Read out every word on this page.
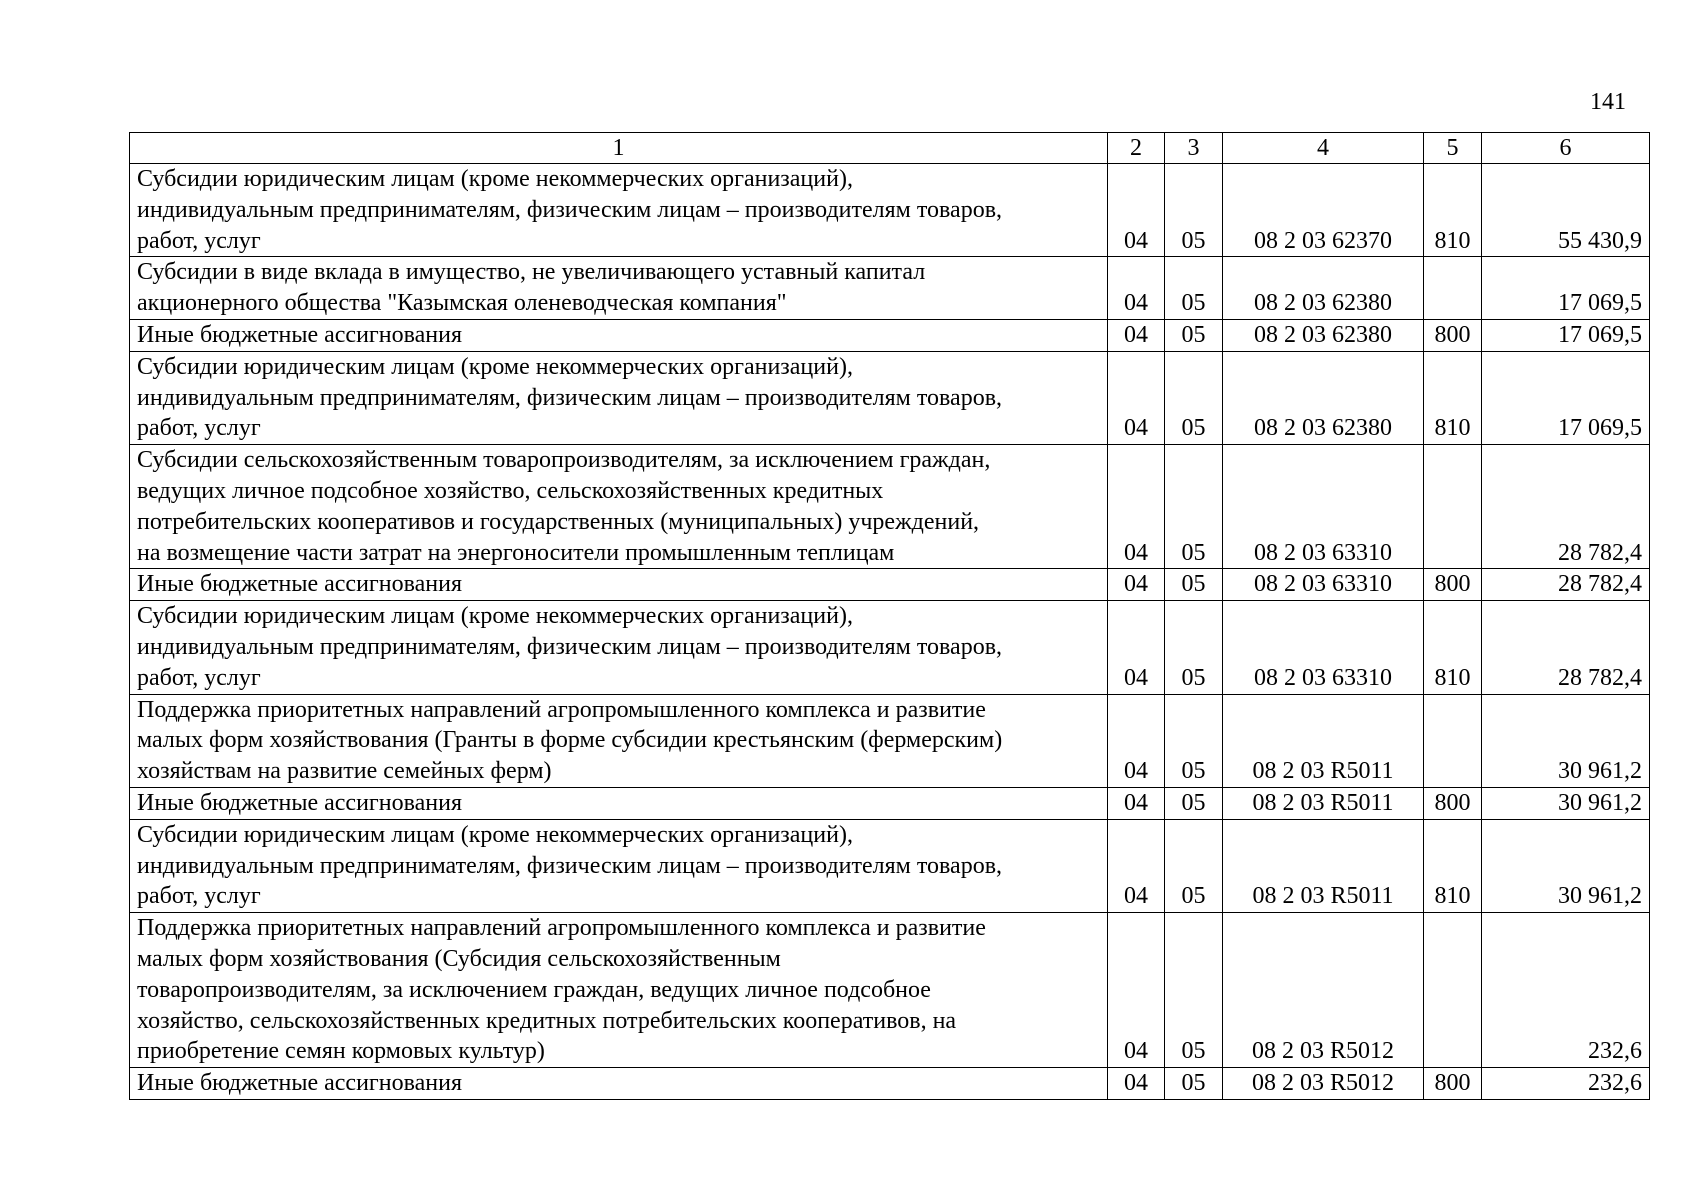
141
1	2	3	4	5	6

Субсидии юридическим лицам (кроме некоммерческих организаций),
индивидуальным предпринимателям, физическим лицам – производителям товаров,
работ, услуг	04	05	08 2 03 62370	810	55 430,9

Субсидии в виде вклада в имущество, не увеличивающего уставный капитал
акционерного общества "Казымская оленеводческая компания"	04	05	08 2 03 62380		17 069,5

Иные бюджетные ассигнования	04	05	08 2 03 62380	800	17 069,5

Субсидии юридическим лицам (кроме некоммерческих организаций),
индивидуальным предпринимателям, физическим лицам – производителям товаров,
работ, услуг	04	05	08 2 03 62380	810	17 069,5

Субсидии сельскохозяйственным товаропроизводителям, за исключением граждан,
ведущих личное подсобное хозяйство, сельскохозяйственных кредитных
потребительских кооперативов и государственных (муниципальных) учреждений,
на возмещение части затрат на энергоносители промышленным теплицам	04	05	08 2 03 63310		28 782,4

Иные бюджетные ассигнования	04	05	08 2 03 63310	800	28 782,4

Субсидии юридическим лицам (кроме некоммерческих организаций),
индивидуальным предпринимателям, физическим лицам – производителям товаров,
работ, услуг	04	05	08 2 03 63310	810	28 782,4

Поддержка приоритетных направлений агропромышленного комплекса и развитие
малых форм хозяйствования (Гранты в форме субсидии крестьянским (фермерским)
хозяйствам на развитие семейных ферм)	04	05	08 2 03 R5011		30 961,2

Иные бюджетные ассигнования	04	05	08 2 03 R5011	800	30 961,2

Субсидии юридическим лицам (кроме некоммерческих организаций),
индивидуальным предпринимателям, физическим лицам – производителям товаров,
работ, услуг	04	05	08 2 03 R5011	810	30 961,2

Поддержка приоритетных направлений агропромышленного комплекса и развитие
малых форм хозяйствования (Субсидия сельскохозяйственным
товаропроизводителям, за исключением граждан, ведущих личное подсобное
хозяйство, сельскохозяйственных кредитных потребительских кооперативов, на
приобретение семян кормовых культур)	04	05	08 2 03 R5012		232,6

Иные бюджетные ассигнования	04	05	08 2 03 R5012	800	232,6
